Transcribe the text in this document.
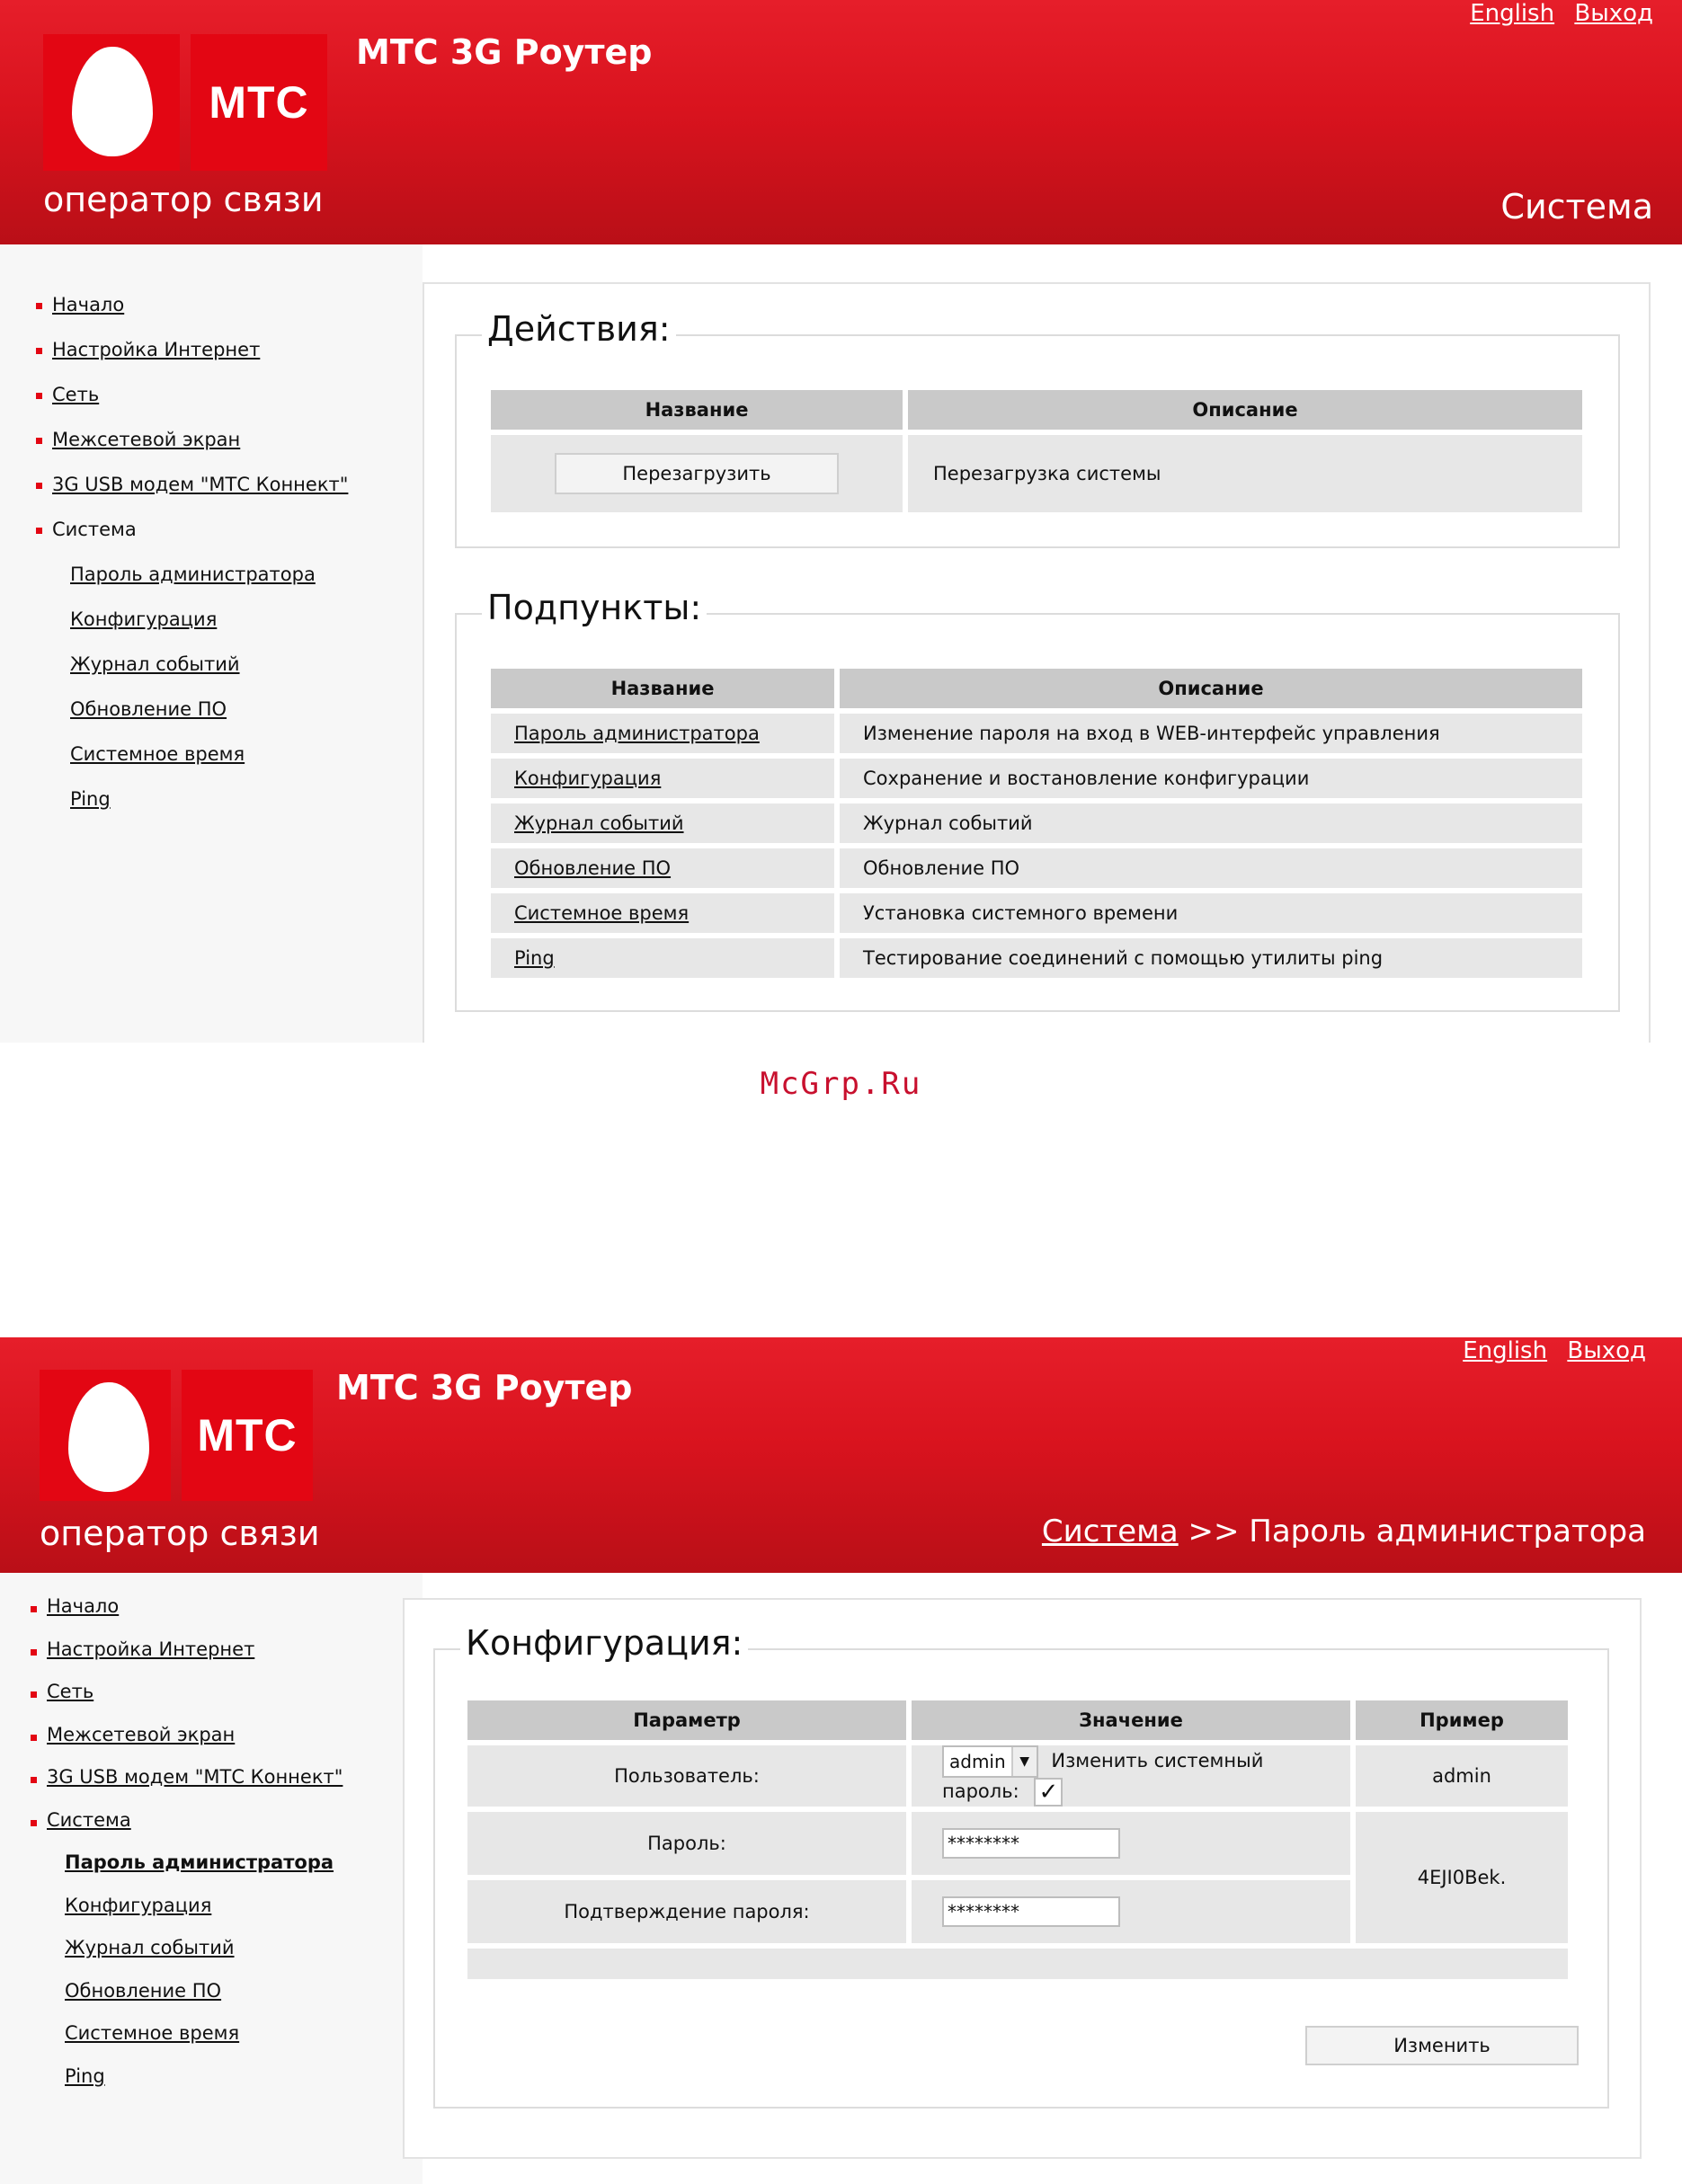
МТС
оператор связи
МТС 3G Роутер
English Выход
Система
Начало
Настройка Интернет
Сеть
Межсетевой экран
3G USB модем "МТС Коннект"
Система
Пароль администратора
Конфигурация
Журнал событий
Обновление ПО
Системное время
Ping
Действия:
Название	Описание
Перезагрузить	Перезагрузка системы
Подпункты:
Название	Описание
Пароль администратора	Изменение пароля на вход в WEB-интерфейс управления
Конфигурация	Сохранение и востановление конфигурации
Журнал событий	Журнал событий
Обновление ПО	Обновление ПО
Системное время	Установка системного времени
Ping	Тестирование соединений с помощью утилиты ping
McGrp.Ru
МТС
оператор связи
МТС 3G Роутер
English Выход
Система >> Пароль администратора
Начало
Настройка Интернет
Сеть
Межсетевой экран
3G USB модем "МТС Коннект"
Система
Пароль администратора
Конфигурация
Журнал событий
Обновление ПО
Системное время
Ping
Конфигурация:
Параметр	Значение	Пример
Пользователь:	admin ▼ Изменить системный пароль: ✓	admin
Пароль:	********	4EJI0Bek.
Подтверждение пароля:	********	

Изменить
